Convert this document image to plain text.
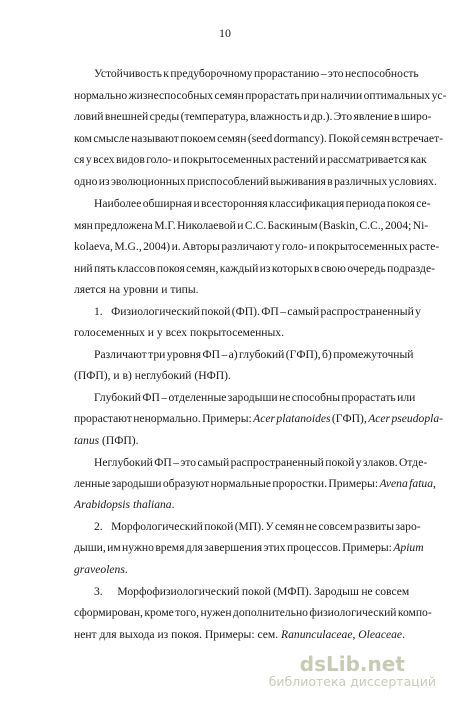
10
Устойчивость к предуборочному прорастанию – это неспособность
нормально жизнеспособных семян прорастать при наличии оптимальных ус-
ловий внешней среды (температура, влажность и др.). Это явление в широ-
ком смысле называют покоем семян (seed dormancy). Покой семян встречает-
ся у всех видов голо- и покрытосеменных растений и рассматривается как
одно из эволюционных приспособлений выживания в различных условиях.
Наиболее обширная и всесторонняя классификация периода покоя се-
мян предложена М.Г. Николаевой и С.С. Баскиным (Baskin, С.С., 2004; Ni-
kolaeva, M.G., 2004) и. Авторы различают у голо- и покрытосеменных расте-
ний пять классов покоя семян, каждый из которых в свою очередь подразде-
ляется на уровни и типы.
1.      Физиологический покой (ФП). ФП – самый распространенный у
голосеменных и у всех покрытосеменных.
Различают три уровня ФП – а) глубокий (ГФП), б) промежуточный
(ПФП), и в) неглубокий (НФП).
Глубокий ФП – отделенные зародыши не способны прорастать или
прорастают ненормально. Примеры: Acer platanoides (ГФП), Acer pseudopla-
tanus (ПФП).
Неглубокий ФП – это самый распространенный покой у злаков. Отде-
ленные зародыши образуют нормальные проростки. Примеры: Avena fatua,
Arabidopsis thaliana.
2.      Морфологический покой (МП). У семян не совсем развиты заро-
дыши, им нужно время для завершения этих процессов. Примеры: Apium
graveolens.
3.      Морфофизиологический покой (МФП). Зародыш не совсем
сформирован, кроме того, нужен дополнительно физиологический компо-
нент для выхода из покоя. Примеры: сем. Ranunculaceae, Oleaceae.
dsLib.net
библиотека диссертаций
